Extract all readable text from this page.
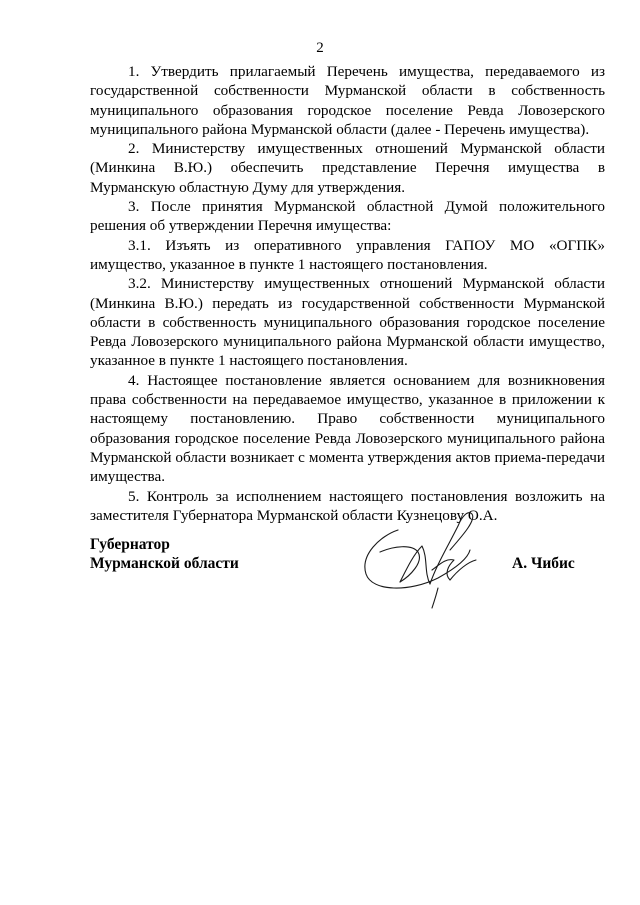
2

1. Утвердить прилагаемый Перечень имущества, передаваемого из государственной собственности Мурманской области в собственность муниципального образования городское поселение Ревда Ловозерского муниципального района Мурманской области (далее - Перечень имущества).

2. Министерству имущественных отношений Мурманской области (Минкина В.Ю.) обеспечить представление Перечня имущества в Мурманскую областную Думу для утверждения.

3. После принятия Мурманской областной Думой положительного решения об утверждении Перечня имущества:

3.1. Изъять из оперативного управления ГАПОУ МО «ОГПК» имущество, указанное в пункте 1 настоящего постановления.

3.2. Министерству имущественных отношений Мурманской области (Минкина В.Ю.) передать из государственной собственности Мурманской области в собственность муниципального образования городское поселение Ревда Ловозерского муниципального района Мурманской области имущество, указанное в пункте 1 настоящего постановления.

4. Настоящее постановление является основанием для возникновения права собственности на передаваемое имущество, указанное в приложении к настоящему постановлению. Право собственности муниципального образования городское поселение Ревда Ловозерского муниципального района Мурманской области возникает с момента утверждения актов приема-передачи имущества.

5. Контроль за исполнением настоящего постановления возложить на заместителя Губернатора Мурманской области Кузнецову О.А.

Губернатор
Мурманской области	А. Чибис
